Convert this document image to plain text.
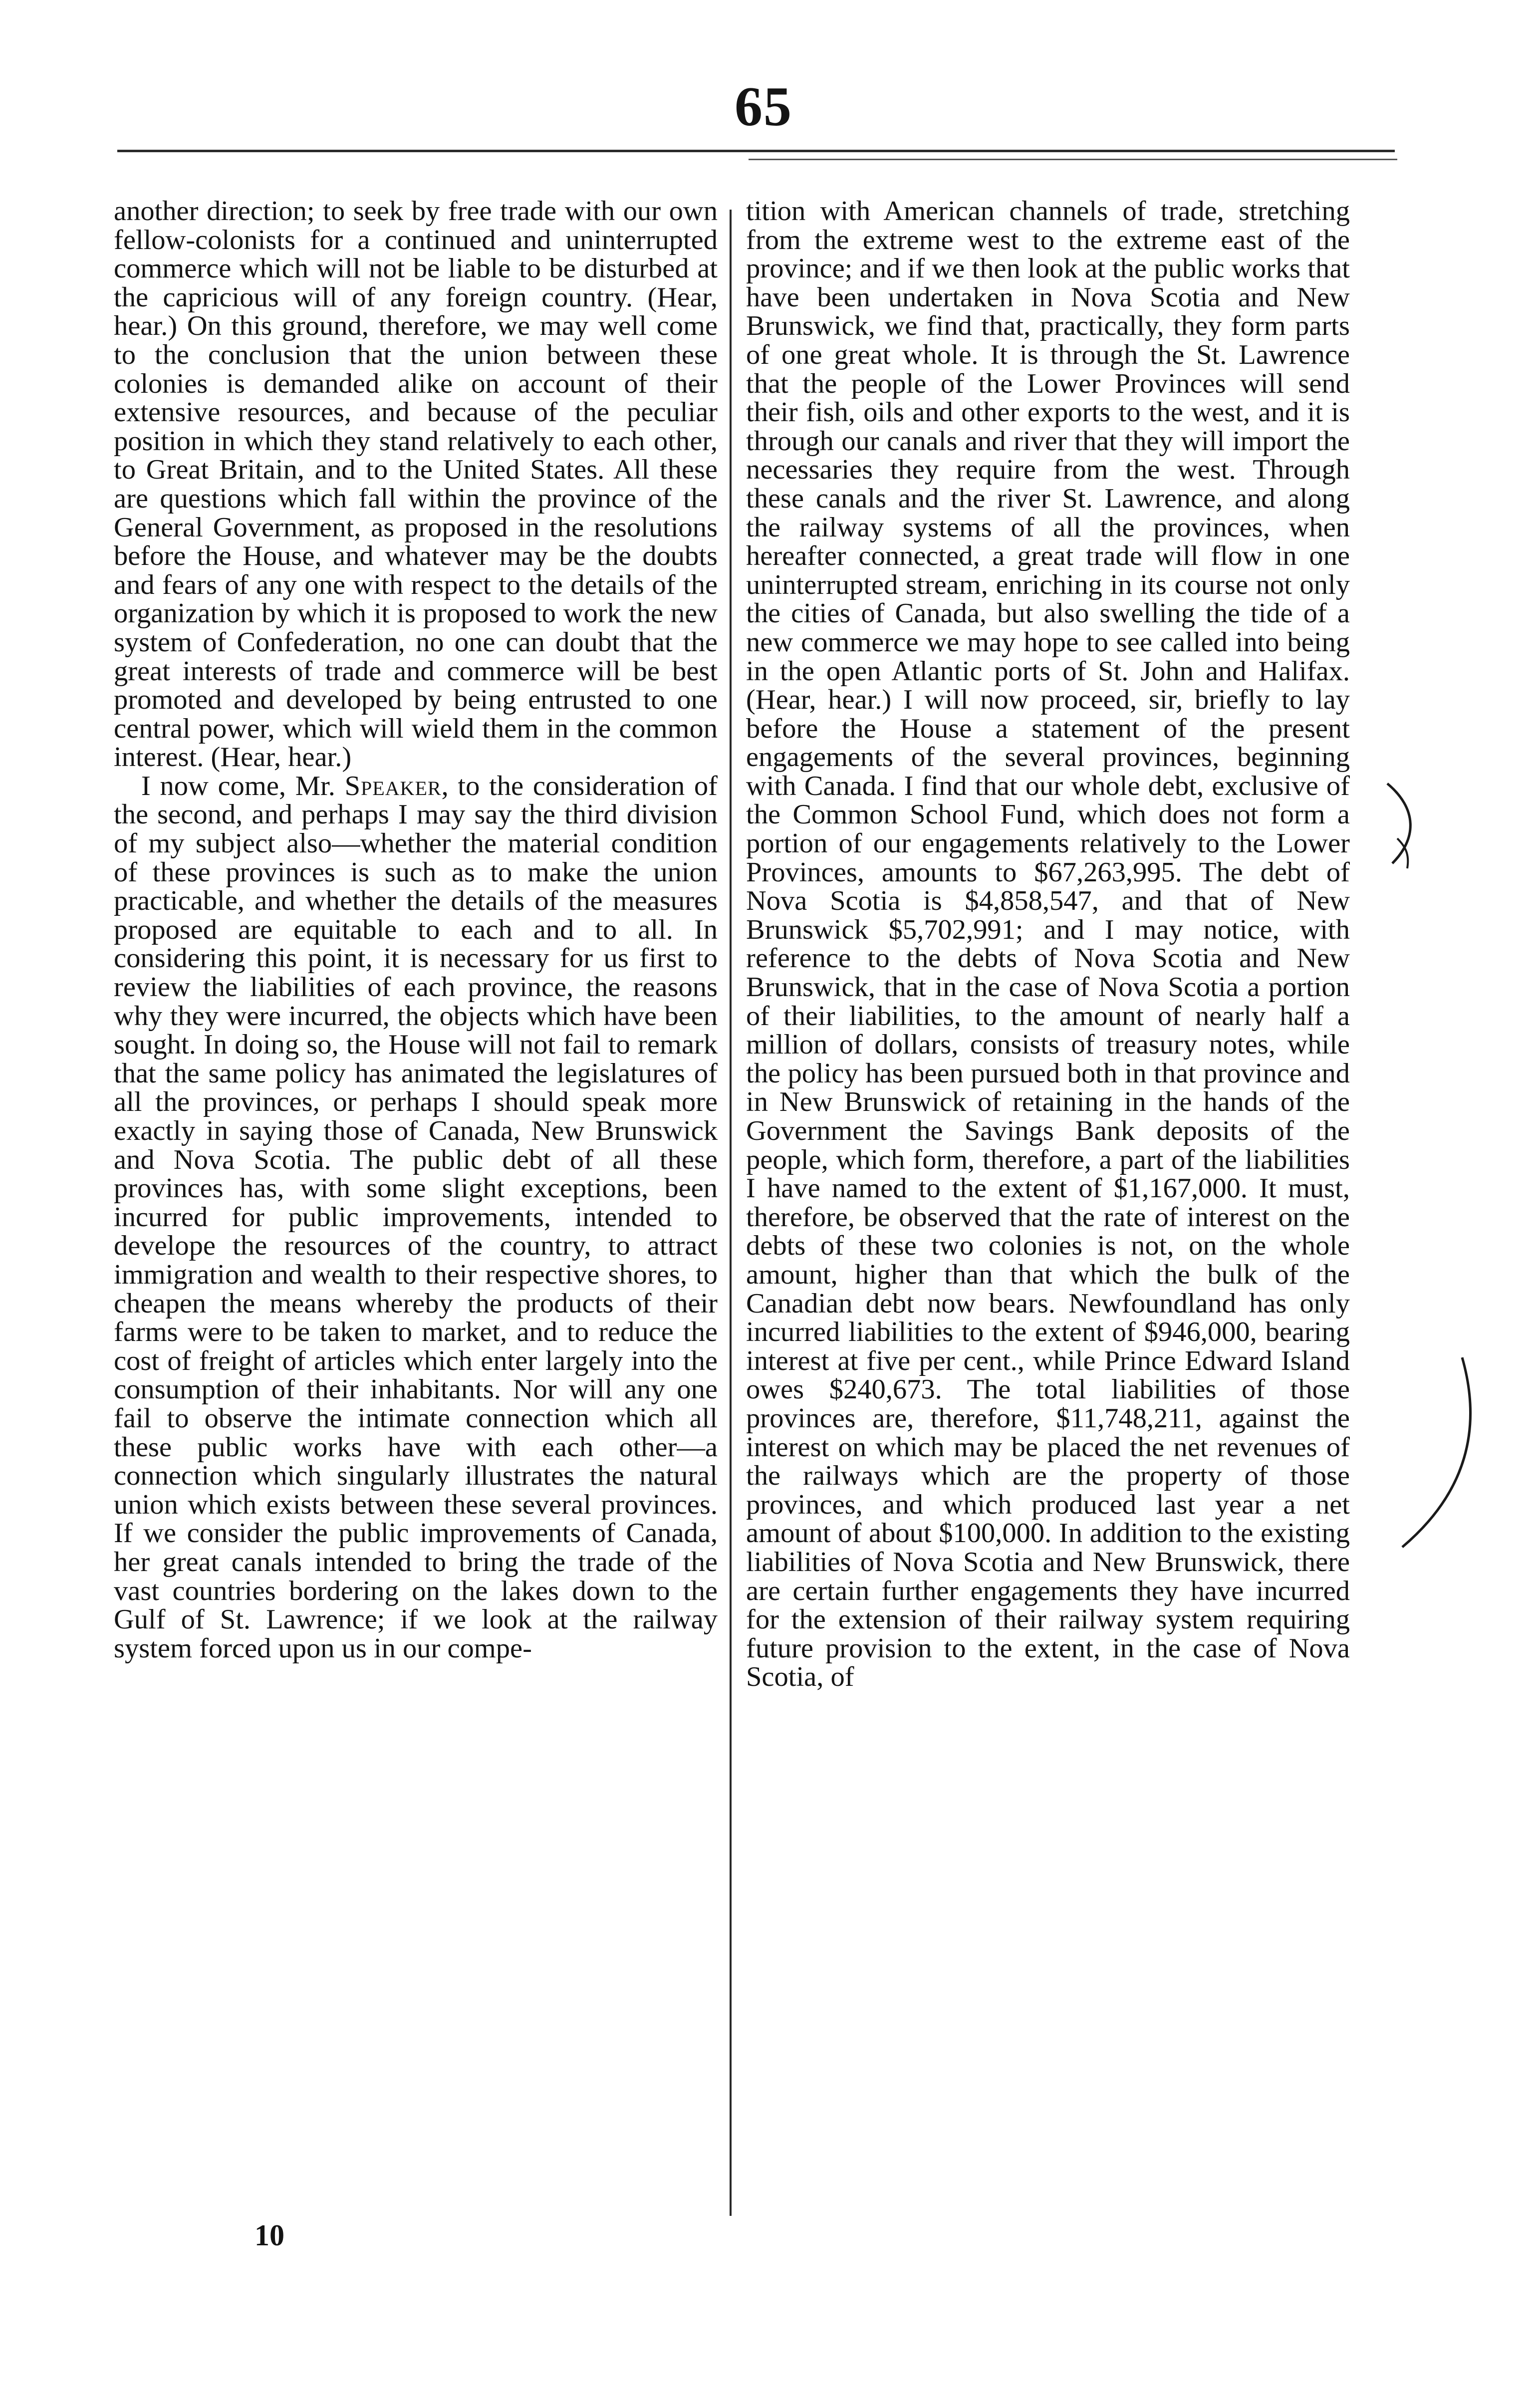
65

another direction; to seek by free trade with our own fellow-colonists for a continued and uninterrupted commerce which will not be liable to be disturbed at the capricious will of any foreign country. (Hear, hear.) On this ground, therefore, we may well come to the conclusion that the union between these colonies is demanded alike on account of their extensive resources, and because of the peculiar position in which they stand relatively to each other, to Great Britain, and to the United States. All these are questions which fall within the province of the General Government, as proposed in the resolutions before the House, and whatever may be the doubts and fears of any one with respect to the details of the organization by which it is proposed to work the new system of Confederation, no one can doubt that the great interests of trade and commerce will be best promoted and developed by being entrusted to one central power, which will wield them in the common interest. (Hear, hear.)

I now come, Mr. Speaker, to the consideration of the second, and perhaps I may say the third division of my subject also—whether the material condition of these provinces is such as to make the union practicable, and whether the details of the measures proposed are equitable to each and to all. In considering this point, it is necessary for us first to review the liabilities of each province, the reasons why they were incurred, the objects which have been sought. In doing so, the House will not fail to remark that the same policy has animated the legislatures of all the provinces, or perhaps I should speak more exactly in saying those of Canada, New Brunswick and Nova Scotia. The public debt of all these provinces has, with some slight exceptions, been incurred for public improvements, intended to develope the resources of the country, to attract immigration and wealth to their respective shores, to cheapen the means whereby the products of their farms were to be taken to market, and to reduce the cost of freight of articles which enter largely into the consumption of their inhabitants. Nor will any one fail to observe the intimate connection which all these public works have with each other—a connection which singularly illustrates the natural union which exists between these several provinces. If we consider the public improvements of Canada, her great canals intended to bring the trade of the vast countries bordering on the lakes down to the Gulf of St. Lawrence; if we look at the railway system forced upon us in our compe-

tition with American channels of trade, stretching from the extreme west to the extreme east of the province; and if we then look at the public works that have been undertaken in Nova Scotia and New Brunswick, we find that, practically, they form parts of one great whole. It is through the St. Lawrence that the people of the Lower Provinces will send their fish, oils and other exports to the west, and it is through our canals and river that they will import the necessaries they require from the west. Through these canals and the river St. Lawrence, and along the railway systems of all the provinces, when hereafter connected, a great trade will flow in one uninterrupted stream, enriching in its course not only the cities of Canada, but also swelling the tide of a new commerce we may hope to see called into being in the open Atlantic ports of St. John and Halifax. (Hear, hear.) I will now proceed, sir, briefly to lay before the House a statement of the present engagements of the several provinces, beginning with Canada. I find that our whole debt, exclusive of the Common School Fund, which does not form a portion of our engagements relatively to the Lower Provinces, amounts to $67,263,995. The debt of Nova Scotia is $4,858,547, and that of New Brunswick $5,702,991; and I may notice, with reference to the debts of Nova Scotia and New Brunswick, that in the case of Nova Scotia a portion of their liabilities, to the amount of nearly half a million of dollars, consists of treasury notes, while the policy has been pursued both in that province and in New Brunswick of retaining in the hands of the Government the Savings Bank deposits of the people, which form, therefore, a part of the liabilities I have named to the extent of $1,167,000. It must, therefore, be observed that the rate of interest on the debts of these two colonies is not, on the whole amount, higher than that which the bulk of the Canadian debt now bears. Newfoundland has only incurred liabilities to the extent of $946,000, bearing interest at five per cent., while Prince Edward Island owes $240,673. The total liabilities of those provinces are, therefore, $11,748,211, against the interest on which may be placed the net revenues of the railways which are the property of those provinces, and which produced last year a net amount of about $100,000. In addition to the existing liabilities of Nova Scotia and New Brunswick, there are certain further engagements they have incurred for the extension of their railway system requiring future provision to the extent, in the case of Nova Scotia, of

10
